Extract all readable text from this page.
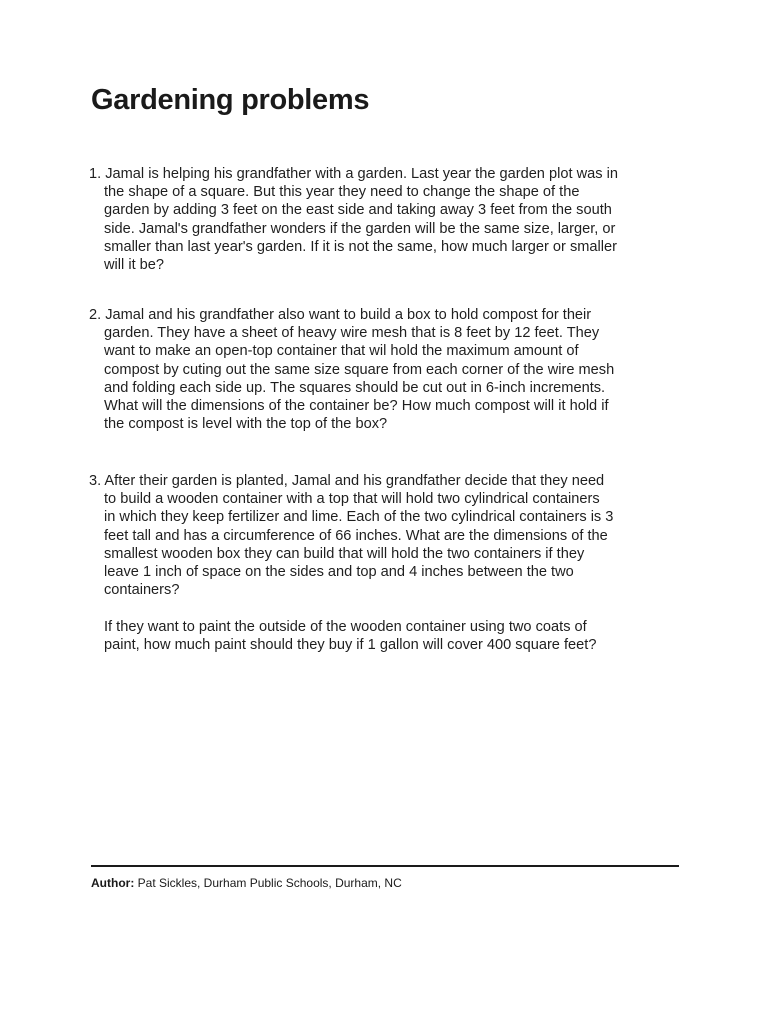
Gardening problems
1. Jamal is helping his grandfather with a garden. Last year the garden plot was in
the shape of a square. But this year they need to change the shape of the
garden by adding 3 feet on the east side and taking away 3 feet from the south
side. Jamal's grandfather wonders if the garden will be the same size, larger, or
smaller than last year's garden. If it is not the same, how much larger or smaller
will it be?
2. Jamal and his grandfather also want to build a box to hold compost for their
garden. They have a sheet of heavy wire mesh that is 8 feet by 12 feet. They
want to make an open-top container that wil hold the maximum amount of
compost by cuting out the same size square from each corner of the wire mesh
and folding each side up. The squares should be cut out in 6-inch increments.
What will the dimensions of the container be? How much compost will it hold if
the compost is level with the top of the box?
3. After their garden is planted, Jamal and his grandfather decide that they need
to build a wooden container with a top that will hold two cylindrical containers
in which they keep fertilizer and lime. Each of the two cylindrical containers is 3
feet tall and has a circumference of 66 inches. What are the dimensions of the
smallest wooden box they can build that will hold the two containers if they
leave 1 inch of space on the sides and top and 4 inches between the two
containers?
If they want to paint the outside of the wooden container using two coats of
paint, how much paint should they buy if 1 gallon will cover 400 square feet?
Author: Pat Sickles, Durham Public Schools, Durham, NC
